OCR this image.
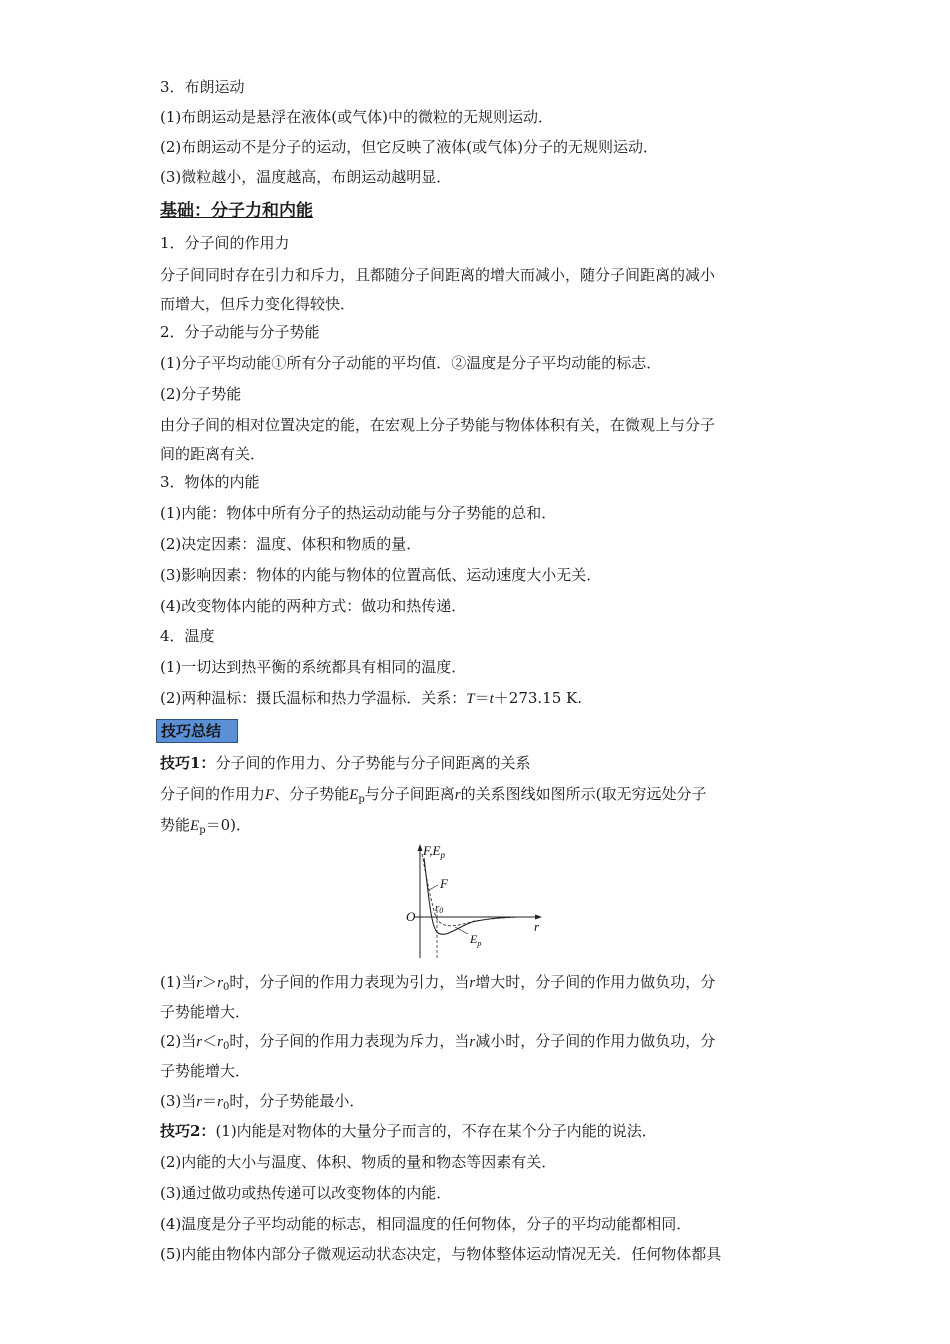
3．布朗运动
(1)布朗运动是悬浮在液体(或气体)中的微粒的无规则运动．
(2)布朗运动不是分子的运动，但它反映了液体(或气体)分子的无规则运动．
(3)微粒越小，温度越高，布朗运动越明显．
基础：分子力和内能
1．分子间的作用力
分子间同时存在引力和斥力，且都随分子间距离的增大而减小，随分子间距离的减小
而增大，但斥力变化得较快．
2．分子动能与分子势能
(1)分子平均动能①所有分子动能的平均值．②温度是分子平均动能的标志．
(2)分子势能
由分子间的相对位置决定的能，在宏观上分子势能与物体体积有关，在微观上与分子
间的距离有关．
3．物体的内能
(1)内能：物体中所有分子的热运动动能与分子势能的总和．
(2)决定因素：温度、体积和物质的量．
(3)影响因素：物体的内能与物体的位置高低、运动速度大小无关．
(4)改变物体内能的两种方式：做功和热传递．
4．温度
(1)一切达到热平衡的系统都具有相同的温度．
(2)两种温标：摄氏温标和热力学温标．关系：T＝t＋273.15 K.
技巧总结
技巧1：分子间的作用力、分子势能与分子间距离的关系
分子间的作用力F、分子势能$E_p$与分子间距离r的关系图线如图所示(取无穷远处分子
势能$E_p=0$)．
$F,E_p$
F
r0
O
r
$E_p$
(1)当$r>r_0$时，分子间的作用力表现为引力，当r增大时，分子间的作用力做负功，分
子势能增大．
(2)当$r<r_0$时，分子间的作用力表现为斥力，当r减小时，分子间的作用力做负功，分
子势能增大．
(3)当$r=r_0$时，分子势能最小．
技巧2：(1)内能是对物体的大量分子而言的，不存在某个分子内能的说法．
(2)内能的大小与温度、体积、物质的量和物态等因素有关．
(3)通过做功或热传递可以改变物体的内能．
(4)温度是分子平均动能的标志，相同温度的任何物体，分子的平均动能都相同．
(5)内能由物体内部分子微观运动状态决定，与物体整体运动情况无关．任何物体都具
